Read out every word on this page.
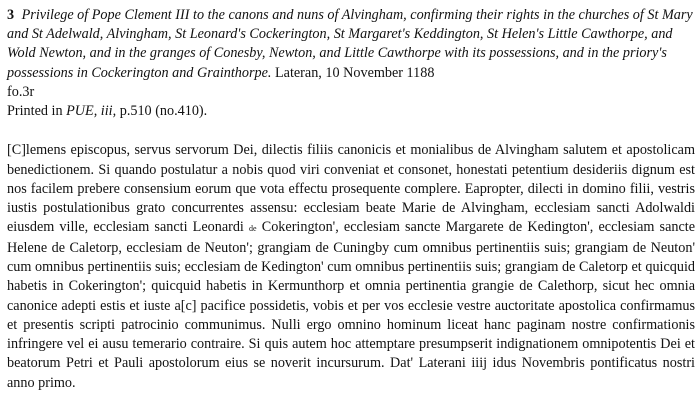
3 Privilege of Pope Clement III to the canons and nuns of Alvingham, confirming their rights in the churches of St Mary and St Adelwald, Alvingham, St Leonard's Cockerington, St Margaret's Keddington, St Helen's Little Cawthorpe, and Wold Newton, and in the granges of Conesby, Newton, and Little Cawthorpe with its possessions, and in the priory's possessions in Cockerington and Grainthorpe. Lateran, 10 November 1188

fo.3r

Printed in PUE, iii, p.510 (no.410).

[C]lemens episcopus, servus servorum Dei, dilectis filiis canonicis et monialibus de Alvingham salutem et apostolicam benedictionem. Si quando postulatur a nobis quod viri conveniat et consonet, honestati petentium desideriis dignum est nos facilem prebere consensium eorum que vota effectu prosequente complere. Eapropter, dilecti in domino filii, vestris iustis postulationibus grato concurrentes assensu: ecclesiam beate Marie de Alvingham, ecclesiam sancti Adolwaldi eiusdem ville, ecclesiam sancti Leonardi de Cokerington', ecclesiam sancte Margarete de Kedington', ecclesiam sancte Helene de Caletorp, ecclesiam de Neuton'; grangiam de Cuningby cum omnibus pertinentiis suis; grangiam de Neuton' cum omnibus pertinentiis suis; ecclesiam de Kedington' cum omnibus pertinentiis suis; grangiam de Caletorp et quicquid habetis in Cokerington'; quicquid habetis in Kermunthorp et omnia pertinentia grangie de Calethorp, sicut hec omnia canonice adepti estis et iuste a[c] pacifice possidetis, vobis et per vos ecclesie vestre auctoritate apostolica confirmamus et presentis scripti patrocinio communimus. Nulli ergo omnino hominum liceat hanc paginam nostre confirmationis infringere vel ei ausu temerario contraire. Si quis autem hoc attemptare presumpserit indignationem omnipotentis Dei et beatorum Petri et Pauli apostolorum eius se noverit incursurum. Dat' Laterani iiij idus Novembris pontificatus nostri anno primo.
